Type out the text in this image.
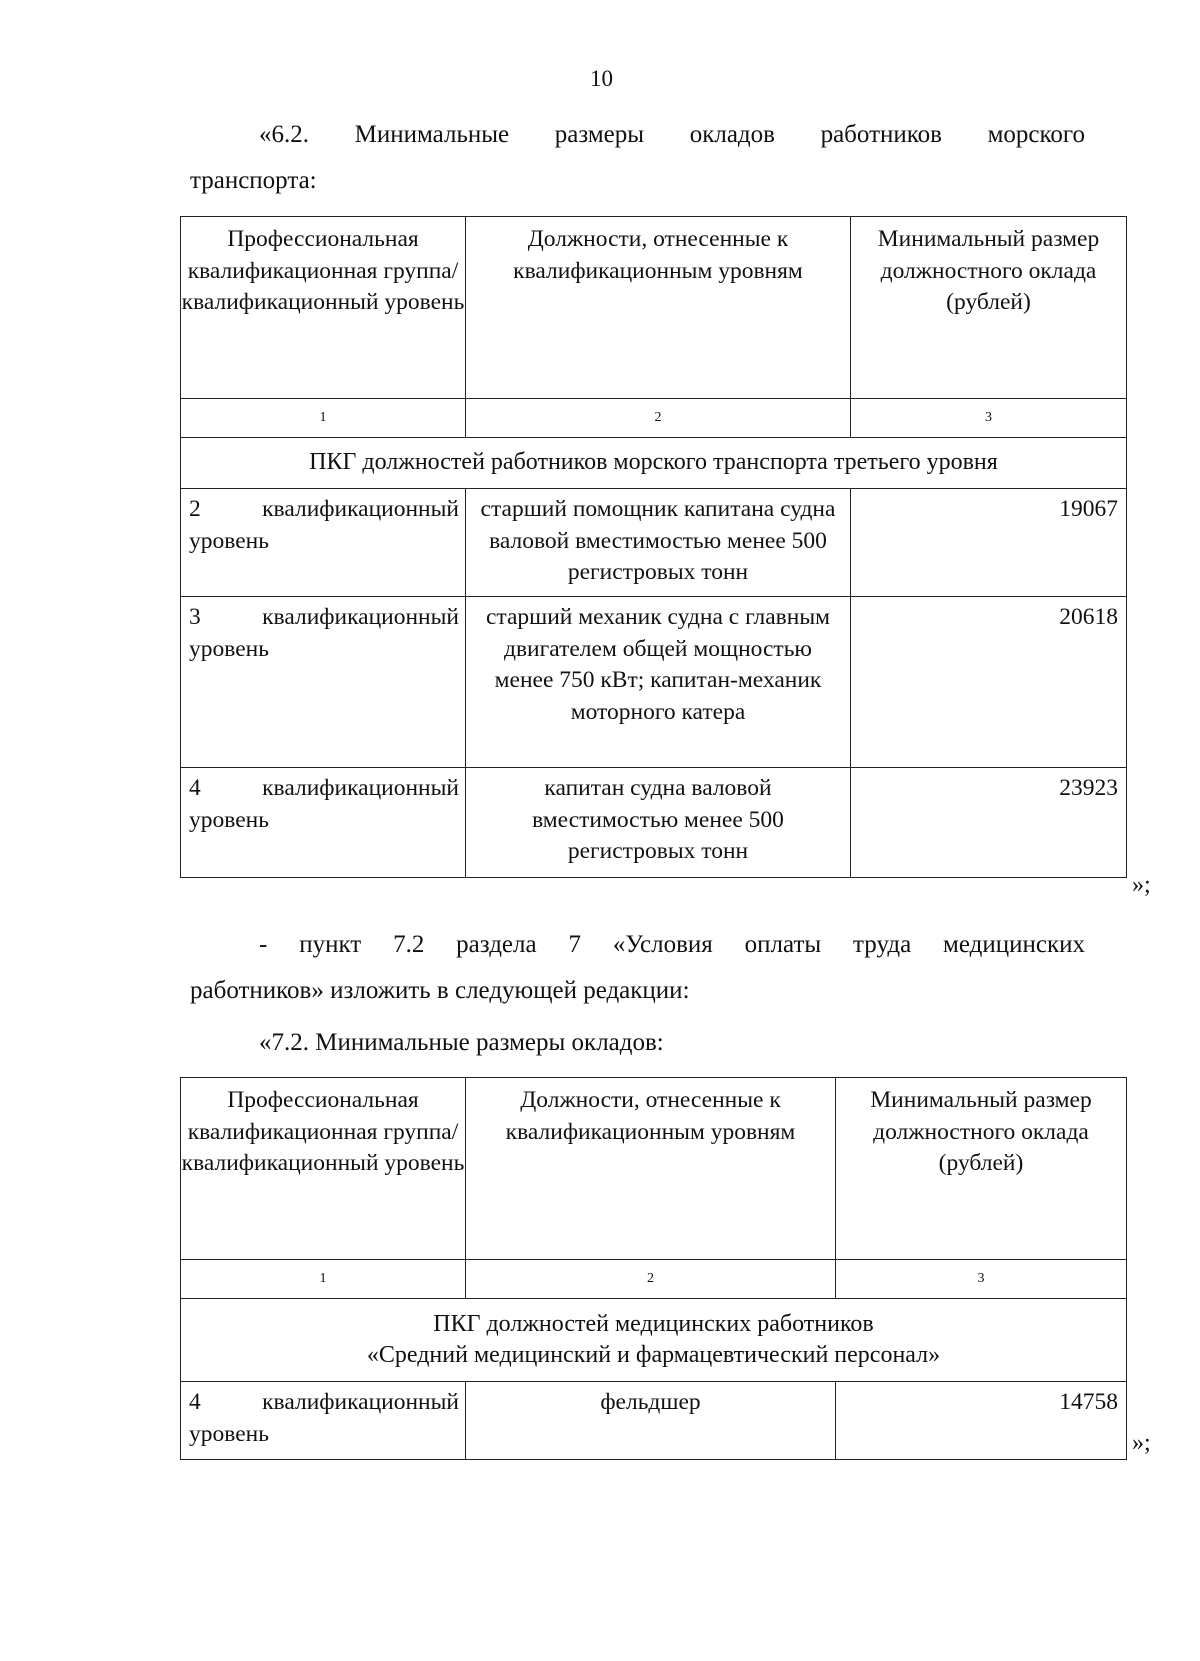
10
«6.2. Минимальные размеры окладов работников морского
транспорта:
Профессиональная квалификационная группа/ квалификационный уровень	Должности, отнесенные к квалификационным уровням	Минимальный размер должностного оклада (рублей)
1	2	3
ПКГ должностей работников морского транспорта третьего уровня		

2 квалификационный
уровень	старший помощник капитана судна валовой вместимостью менее 500 регистровых тонн	19067

3 квалификационный
уровень	старший механик судна с главным двигателем общей мощностью менее 750 кВт; капитан-механик моторного катера	20618

4 квалификационный
уровень	капитан судна валовой вместимостью менее 500 регистровых тонн	23923
»;
- пункт 7.2 раздела 7 «Условия оплаты труда медицинских
работников» изложить в следующей редакции:
«7.2. Минимальные размеры окладов:
Профессиональная квалификационная группа/ квалификационный уровень	Должности, отнесенные к квалификационным уровням	Минимальный размер должностного оклада (рублей)
1	2	3

ПКГ должностей медицинских работников
«Средний медицинский и фармацевтический персонал»		

4 квалификационный
уровень	фельдшер	14758
»;
